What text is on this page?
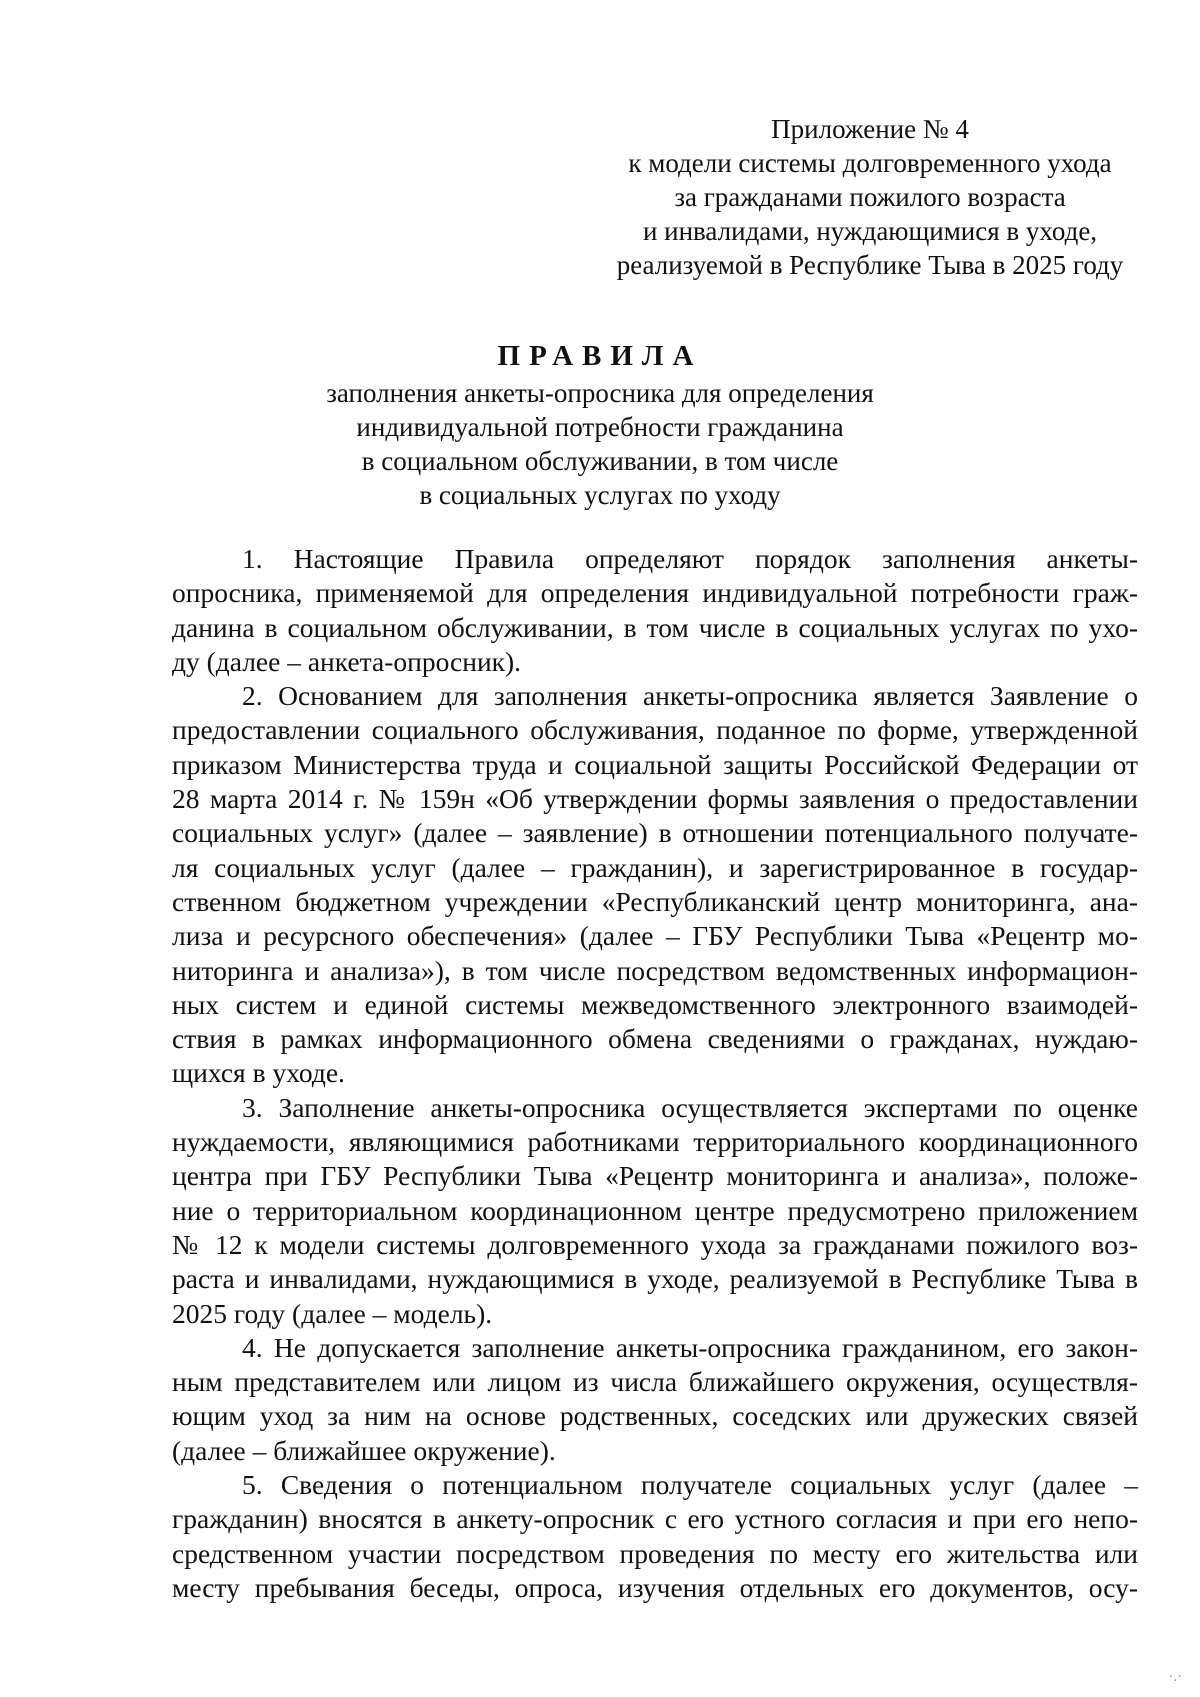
Приложение № 4
к модели системы долговременного ухода
за гражданами пожилого возраста
и инвалидами, нуждающимися в уходе,
реализуемой в Республике Тыва в 2025 году
ПРАВИЛА
заполнения анкеты-опросника для определения
индивидуальной потребности гражданина
в социальном обслуживании, в том числе
в социальных услугах по уходу
1. Настоящие Правила определяют порядок заполнения анкеты-
опросника, применяемой для определения индивидуальной потребности граж-
данина в социальном обслуживании, в том числе в социальных услугах по ухо-
ду (далее – анкета-опросник).
2. Основанием для заполнения анкеты-опросника является Заявление о
предоставлении социального обслуживания, поданное по форме, утвержденной
приказом Министерства труда и социальной защиты Российской Федерации от
28 марта 2014 г. № 159н «Об утверждении формы заявления о предоставлении
социальных услуг» (далее – заявление) в отношении потенциального получате-
ля социальных услуг (далее – гражданин), и зарегистрированное в государ-
ственном бюджетном учреждении «Республиканский центр мониторинга, ана-
лиза и ресурсного обеспечения» (далее – ГБУ Республики Тыва «Рецентр мо-
ниторинга и анализа»), в том числе посредством ведомственных информацион-
ных систем и единой системы межведомственного электронного взаимодей-
ствия в рамках информационного обмена сведениями о гражданах, нуждаю-
щихся в уходе.
3. Заполнение анкеты-опросника осуществляется экспертами по оценке
нуждаемости, являющимися работниками территориального координационного
центра при ГБУ Республики Тыва «Рецентр мониторинга и анализа», положе-
ние о территориальном координационном центре предусмотрено приложением
№ 12 к модели системы долговременного ухода за гражданами пожилого воз-
раста и инвалидами, нуждающимися в уходе, реализуемой в Республике Тыва в
2025 году (далее – модель).
4. Не допускается заполнение анкеты-опросника гражданином, его закон-
ным представителем или лицом из числа ближайшего окружения, осуществля-
ющим уход за ним на основе родственных, соседских или дружеских связей
(далее – ближайшее окружение).
5. Сведения о потенциальном получателе социальных услуг (далее –
гражданин) вносятся в анкету-опросник с его устного согласия и при его непо-
средственном участии посредством проведения по месту его жительства или
месту пребывания беседы, опроса, изучения отдельных его документов, осу-
·.·
